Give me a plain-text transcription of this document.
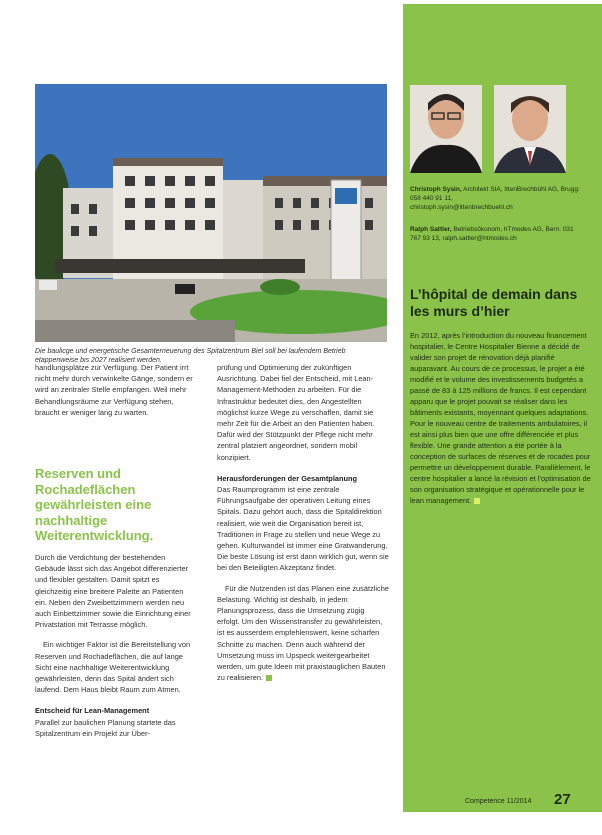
Die baulicge und energetische Gesamterneuerung des Spitalzentrum Biel soll bei laufendem Betrieb etappenweise bis 2027 realisiert werden.
Christoph Sysin, Architekt SIA, IttenBrechbühl AG, Brugg: 058 440 91 11,
christoph.sysin@ittenbrechbuehl.ch
Ralph Sattler, Betriebsökonom, hTmodes AG, Bern: 031 767 93 13, ralph.sattler@htmodes.ch
L’hôpital de demain dans les murs d’hier

En 2012, après l’introduction du nouveau financement hospitalier, le Centre Hospitalier Bienne a décidé de valider son projet de rénovation déjà planifié auparavant. Au cours de ce processus, le projet a été modifié et le volume des investissements budgetés a passé de 83 à 125 millions de francs. Il est cependant apparu que le projet pouvait se réaliser dans les bâtiments existants, moyennant quelques adaptations. Pour le nouveau centre de traitements ambulatoires, il est ainsi plus bien que une offre différenciée et plus flexible. Une grande attention a été portée à la conception de surfaces de réserves et de rocades pour permettre un développement durable. Parallèlement, le centre hospitalier a lancé la révision et l’optimisation de son organisation stratégique et opérationnelle pour le lean management.

handlungsplätze zur Verfügung. Der Patient irrt nicht mehr durch verwinkelte Gänge, sondern er wird an zentraler Stelle empfangen. Weil mehr Behandlungsräume zur Verfügung stehen, braucht er weniger lang zu warten.

Reserven und Rochadeflächen gewährleisten eine nachhaltige Weiterentwicklung.

Durch die Verdichtung der bestehenden Gebäude lässt sich das Angebot differenzierter und flexibler gestalten. Damit spitzt es gleichzeitig eine breitere Palette an Patienten ein. Neben den Zweibettzimmern werden neu auch Einbettzimmer sowie die Einrichtung einer Privatstation mit Terrasse möglich.

Ein wichtiger Faktor ist die Bereitstellung von Reserven und Rochadeflächen, die auf lange Sicht eine nachhaltige Weiterentwicklung gewährleisten, denn das Spital ändert sich laufend. Dem Haus bleibt Raum zum Atmen.

Entscheid für Lean-Management

Parallel zur baulichen Planung startete das Spitalzentrum ein Projekt zur Über-

prüfung und Optimierung der zukünftigen Ausrichtung. Dabei fiel der Entscheid, mit Lean-Management-Methoden zu arbeiten. Für die Infrastruktur bedeutet dies, den Angestellten möglichst kurze Wege zu verschaffen, damit sie mehr Zeit für die Arbeit an den Patienten haben. Dafür wird der Stützpunkt der Pflege nicht mehr zentral platziert angeordnet, sondern mobil konzipiert.

Herausforderungen der Gesamtplanung

Das Raumprogramm ist eine zentrale Führungsaufgabe der operativen Leitung eines Spitals. Dazu gehört auch, dass die Spitaldirektion realisiert, wie weit die Organisation bereit ist, Traditionen in Frage zu stellen und neue Wege zu gehen. Kulturwandel ist immer eine Gratwanderung. Die beste Lösung ist erst dann wirklich gut, wenn sie bei den Beteiligten Akzeptanz findet.

Für die Nutzenden ist das Planen eine zusätzliche Belastung. Wichtig ist deshalb, in jedem Planungsprozess, dass die Umsetzung zügig erfolgt. Um den Wissenstransfer zu gewährleisten, ist es ausserdem empfehlenswert, keine scharfen Schnitte zu machen. Denn auch während der Umsetzung muss im Upspeck weitergearbeitet werden, um gute Ideen mit praxistauglichen Bauten zu realisieren.

Competence 11/2014 27
